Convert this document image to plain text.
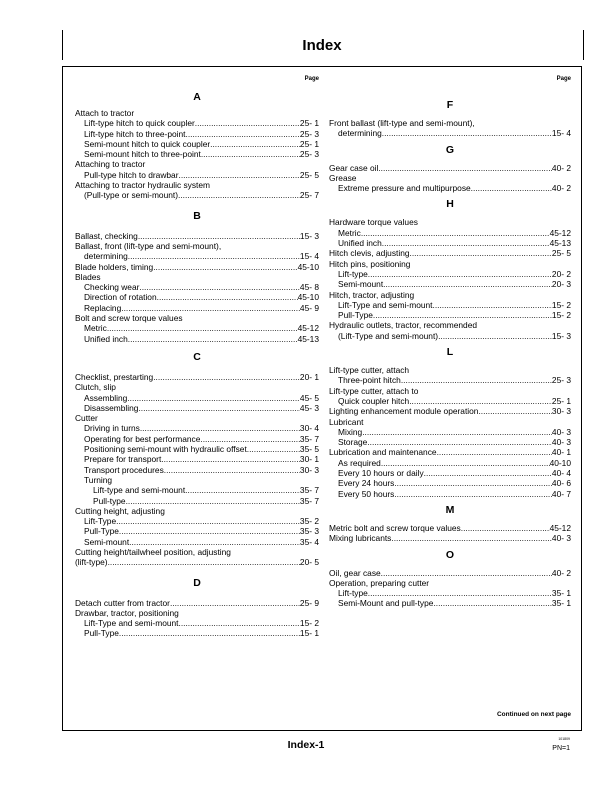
Index
Page
A
Attach to tractor
Lift-type hitch to quick coupler .....	25- 1
Lift-type hitch to three-point .....	25- 3
Semi-mount hitch to quick coupler .....	25- 1
Semi-mount hitch to three-point .....	25- 3
Attaching to tractor
Pull-type hitch to drawbar .....	25- 5
Attaching to tractor hydraulic system
(Pull-type or semi-mount) .....	25- 7
B
Ballast, checking .....	15- 3
Ballast, front (lift-type and semi-mount),
determining .....	15- 4
Blade holders, timing .....	45-10
Blades
Checking wear .....	45- 8
Direction of rotation .....	45-10
Replacing .....	45- 9
Bolt and screw torque values
Metric .....	45-12
Unified inch .....	45-13
C
Checklist, prestarting .....	20- 1
Clutch, slip
Assembling .....	45- 5
Disassembling .....	45- 3
Cutter
Driving in turns .....	30- 4
Operating for best performance .....	35- 7
Positioning semi-mount with hydraulic offset .....	35- 5
Prepare for transport .....	30- 1
Transport procedures .....	30- 3
Turning
Lift-type and semi-mount .....	35- 7
Pull-type .....	35- 7
Cutting height, adjusting
Lift-Type .....	35- 2
Pull-Type .....	35- 3
Semi-mount .....	35- 4
Cutting height/tailwheel position, adjusting
(lift-type) .....	20- 5
D
Detach cutter from tractor .....	25- 9
Drawbar, tractor, positioning
Lift-Type and semi-mount .....	15- 2
Pull-Type .....	15- 1
Page
F
Front ballast (lift-type and semi-mount),
determining .....	15- 4
G
Gear case oil .....	40- 2
Grease
Extreme pressure and multipurpose .....	40- 2
H
Hardware torque values
Metric .....	45-12
Unified inch .....	45-13
Hitch clevis, adjusting .....	25- 5
Hitch pins, positioning
Lift-type .....	20- 2
Semi-mount .....	20- 3
Hitch, tractor, adjusting
Lift-Type and semi-mount .....	15- 2
Pull-Type .....	15- 2
Hydraulic outlets, tractor, recommended
(Lift-Type and semi-mount) .....	15- 3
L
Lift-type cutter, attach
Three-point hitch .....	25- 3
Lift-type cutter, attach to
Quick coupler hitch .....	25- 1
Lighting enhancement module operation .....	30- 3
Lubricant
Mixing .....	40- 3
Storage .....	40- 3
Lubrication and maintenance .....	40- 1
As required .....	40-10
Every 10 hours or daily .....	40- 4
Every 24 hours .....	40- 6
Every 50 hours .....	40- 7
M
Metric bolt and screw torque values .....	45-12
Mixing lubricants .....	40- 3
O
Oil, gear case .....	40- 2
Operation, preparing cutter
Lift-type .....	35- 1
Semi-Mount and pull-type .....	35- 1
Continued on next page
Index-1	101809
PN=1
